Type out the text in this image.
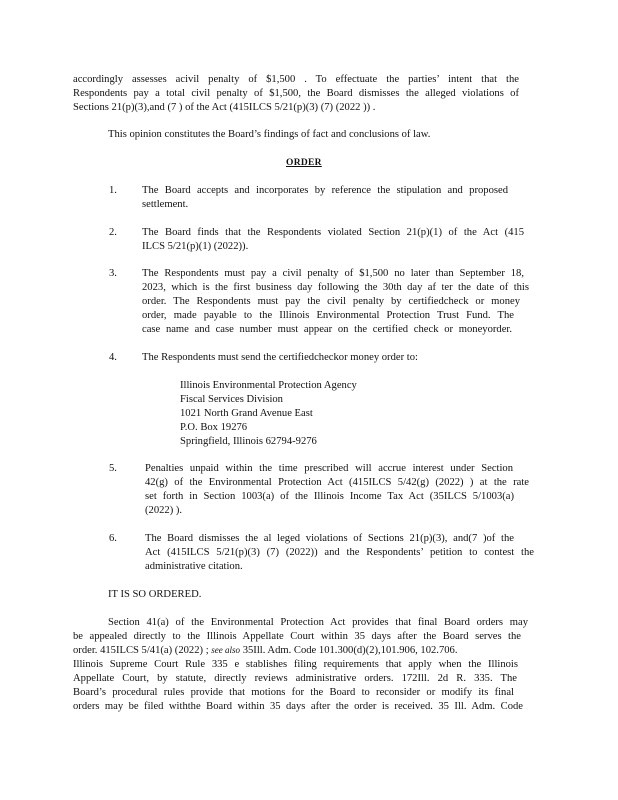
accordingly assesses acivil penalty of $1,500 . To effectuate the parties’ intent that the

Respondents pay a total civil penalty of $1,500, the Board dismisses the alleged violations of

Sections 21(p)(3),and (7 ) of the Act (415ILCS 5/21(p)(3) (7) (2022 )) .

This opinion constitutes the Board’s findings of fact and conclusions of law.

ORDER

1. The Board accepts and incorporates by reference the stipulation and proposed

settlement.

2. The Board finds that the Respondents violated Section 21(p)(1) of the Act (415

ILCS 5/21(p)(1) (2022)).

3. The Respondents must pay a civil penalty of $1,500 no later than September 18,

2023, which is the first business day following the 30th day af ter the date of this

order. The Respondents must pay the civil penalty by certifiedcheck or money

order, made payable to the Illinois Environmental Protection Trust Fund. The

case name and case number must appear on the certified check or moneyorder.

4. The Respondents must send the certifiedcheckor money order to:

Illinois Environmental Protection Agency

Fiscal Services Division

1021 North Grand Avenue East

P.O. Box 19276

Springfield, Illinois 62794-9276

5.	Penalties unpaid within the time prescribed will accrue interest under Section

42(g) of the Environmental Protection Act (415ILCS 5/42(g) (2022) ) at the rate

set forth in Section 1003(a) of the Illinois Income Tax Act (35ILCS 5/1003(a)

(2022) ).

6.	The Board dismisses the al leged violations of Sections 21(p)(3), and(7 )of the

Act (415ILCS 5/21(p)(3) (7) (2022)) and the Respondents’ petition to contest the

administrative citation.

IT IS SO ORDERED.

Section 41(a) of the Environmental Protection Act provides that final Board orders may

be appealed directly to the Illinois Appellate Court within 35 days after the Board serves the

order. 415ILCS 5/41(a) (2022) ; see also 35Ill. Adm. Code 101.300(d)(2),101.906, 102.706.

Illinois Supreme Court Rule 335 e stablishes filing requirements that apply when the Illinois

Appellate Court, by statute, directly reviews administrative orders. 172Ill. 2d R. 335. The

Board’s procedural rules provide that motions for the Board to reconsider or modify its final

orders may be filed withthe Board within 35 days after the order is received. 35 Ill. Adm. Code
